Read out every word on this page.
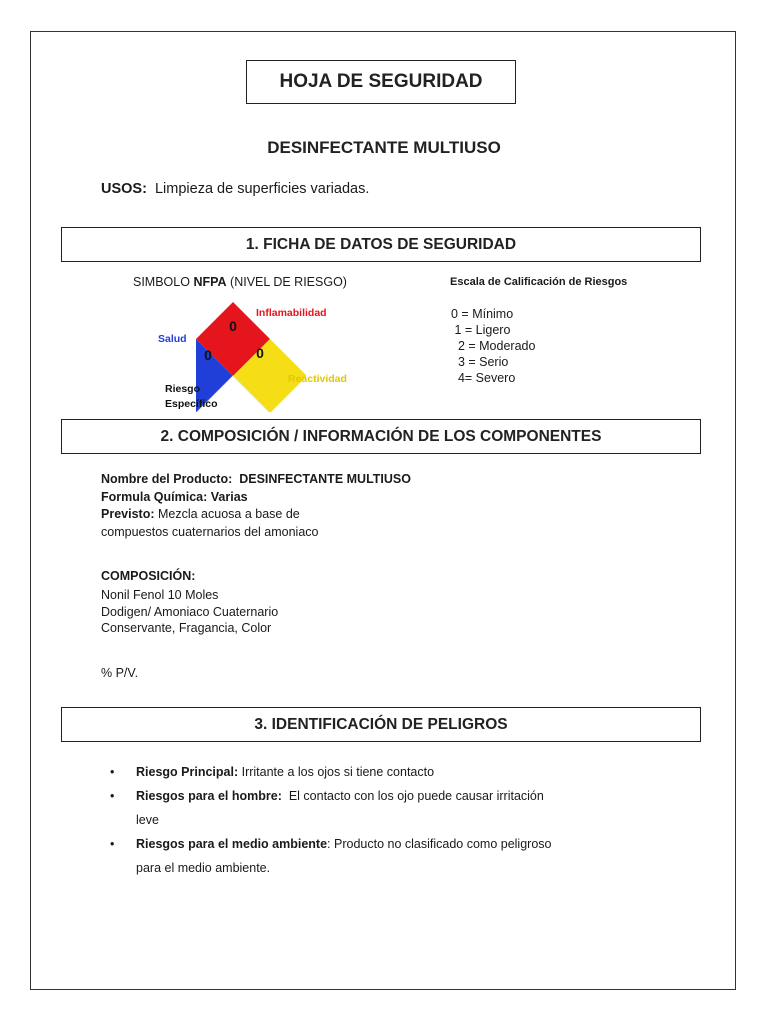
HOJA DE SEGURIDAD
DESINFECTANTE MULTIUSO
USOS: Limpieza de superficies variadas.
1. FICHA DE DATOS DE SEGURIDAD
SIMBOLO NFPA (NIVEL DE RIESGO)
0
0	0
Inflamabilidad
Salud
Reactividad
Riesgo
Específico
Escala de Calificación de Riesgos
0 = Mínimo
1 = Ligero
2 = Moderado
3 = Serio
4= Severo
2. COMPOSICIÓN / INFORMACIÓN DE LOS COMPONENTES
Nombre del Producto: DESINFECTANTE MULTIUSO
Formula Química: Varias
Previsto: Mezcla acuosa a base de
compuestos cuaternarios del amoniaco
COMPOSICIÓN:
Nonil Fenol 10 Moles
Dodigen/ Amoniaco Cuaternario
Conservante, Fragancia, Color
% P/V.
3. IDENTIFICACIÓN DE PELIGROS
• Riesgo Principal: Irritante a los ojos si tiene contacto
• Riesgos para el hombre: El contacto con los ojo puede causar irritación leve
• Riesgos para el medio ambiente: Producto no clasificado como peligroso para el medio ambiente.
